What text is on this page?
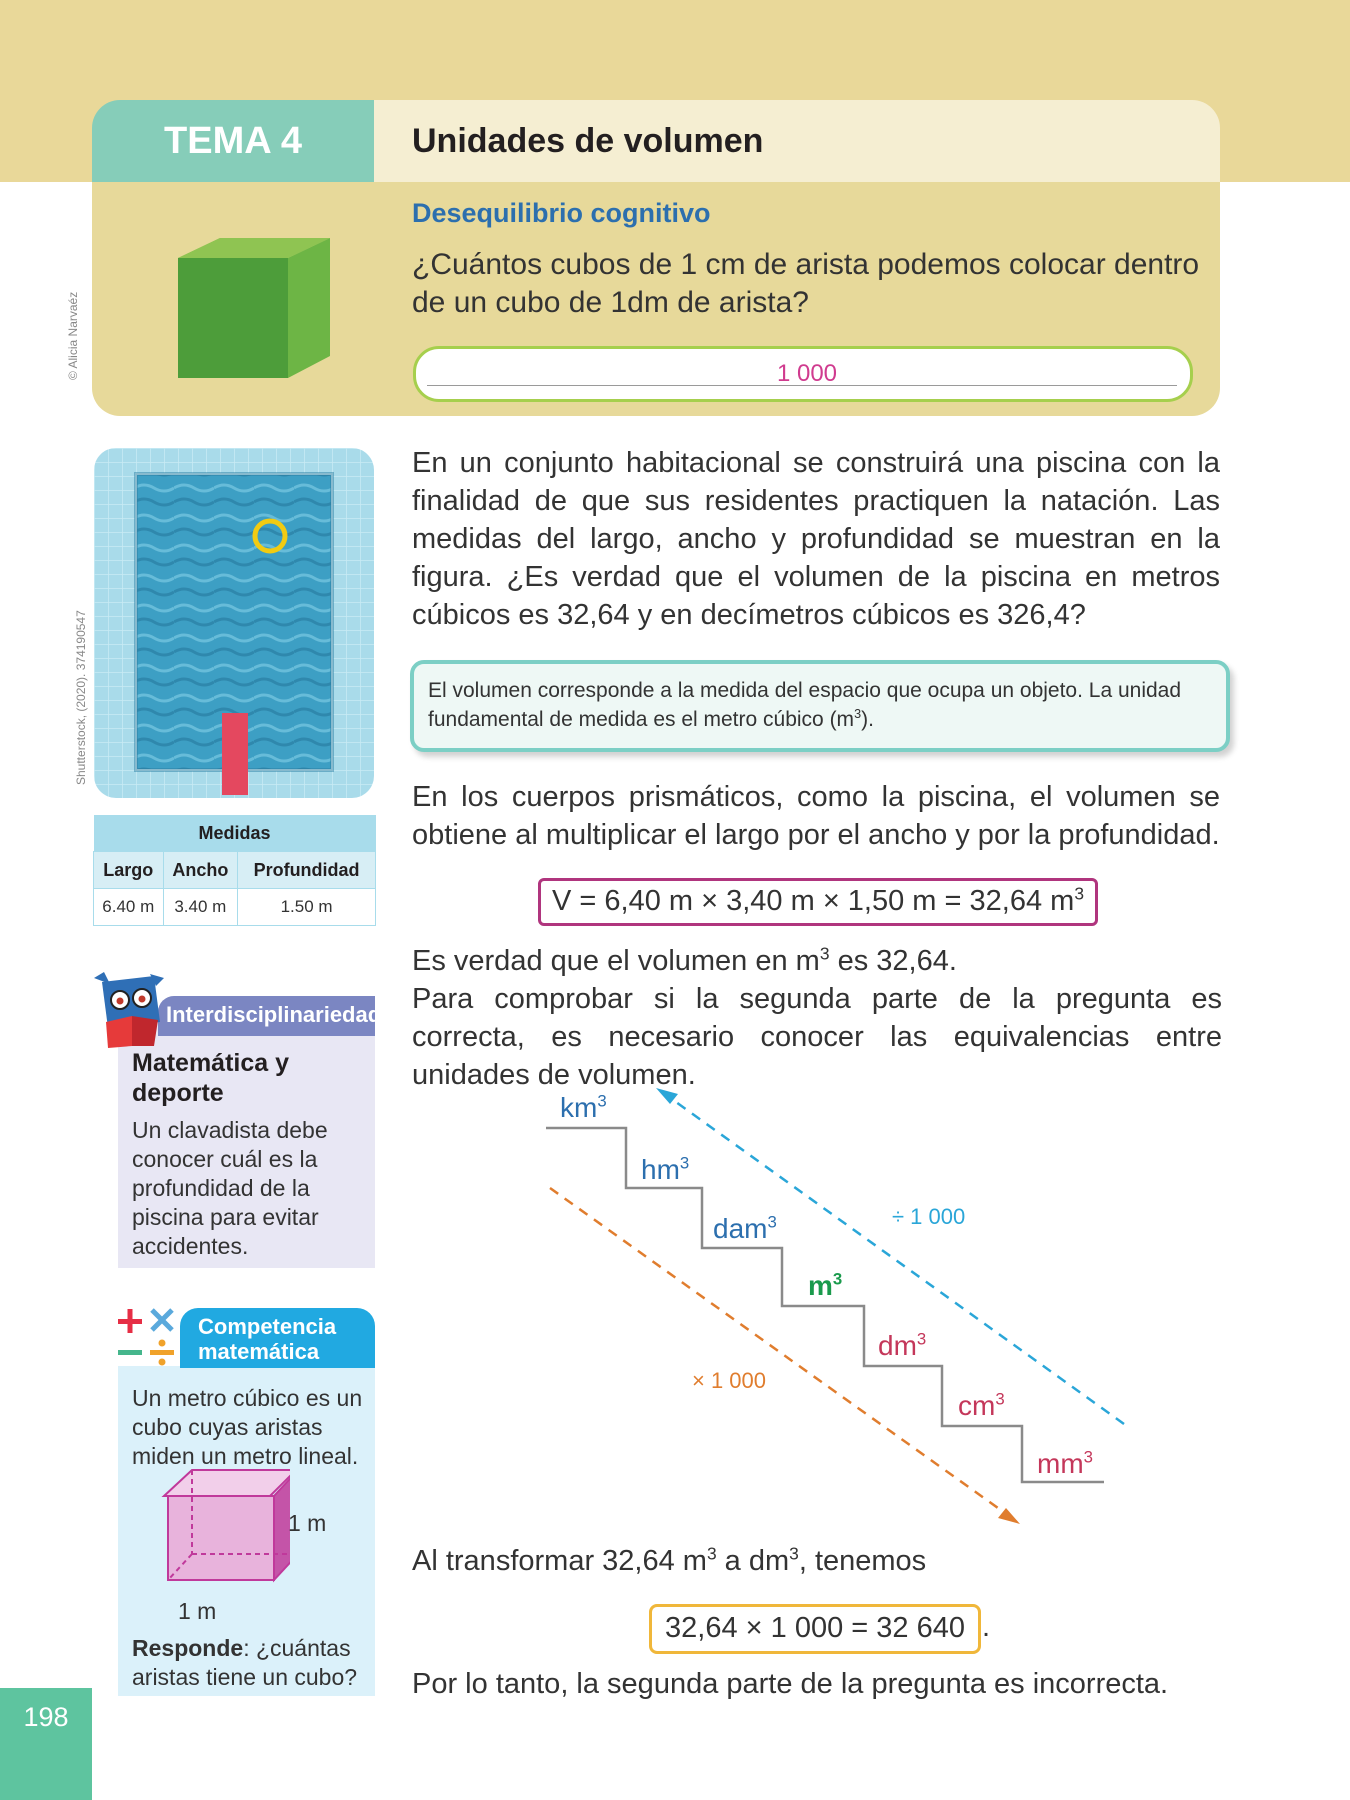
TEMA 4	Unidades de volumen
Desequilibrio cognitivo
¿Cuántos cubos de 1 cm de arista podemos colocar dentro
de un cubo de 1dm de arista?
1 000
© Alicia Narvaéz
Shutterstock, (2020). 374190547
Medidas		
Largo	Ancho	Profundidad
6.40 m	3.40 m	1.50 m
En un conjunto habitacional se construirá una piscina con la finalidad de que sus residentes practiquen la natación. Las medidas del largo, ancho y profundidad se muestran en la figura. ¿Es verdad que el volumen de la piscina en metros cúbicos es 32,64 y en decímetros cúbicos es 326,4?
El volumen corresponde a la medida del espacio que ocupa un objeto. La unidad fundamental de medida es el metro cúbico $(m^3)$.
En los cuerpos prismáticos, como la piscina, el volumen se obtiene al multiplicar el largo por el ancho y por la profundidad.
V = 6,40 m × 3,40 m × 1,50 m = 32,64 $m^3$
Es verdad que el volumen en $m^3$ es 32,64.
Para comprobar si la segunda parte de la pregunta es correcta, es necesario conocer las equivalencias entre unidades de volumen.
$km^3$
$hm^3$
dam$^3$
$m^3$
$dm^3$
$cm^3$
$mm^3$
÷ 1 000
× 1 000
Al transformar 32,64 $m^3$ a $dm^3$, tenemos
32,64 × 1 000 = 32 640 .
Por lo tanto, la segunda parte de la pregunta es incorrecta.
Interdisciplinariedad
Matemática y deporte
Un clavadista debe conocer cuál es la profundidad de la piscina para evitar accidentes.
Competencia
matemática
Un metro cúbico es un cubo cuyas aristas miden un metro lineal.
1 m
1 m
Responde: ¿cuántas aristas tiene un cubo?
198
